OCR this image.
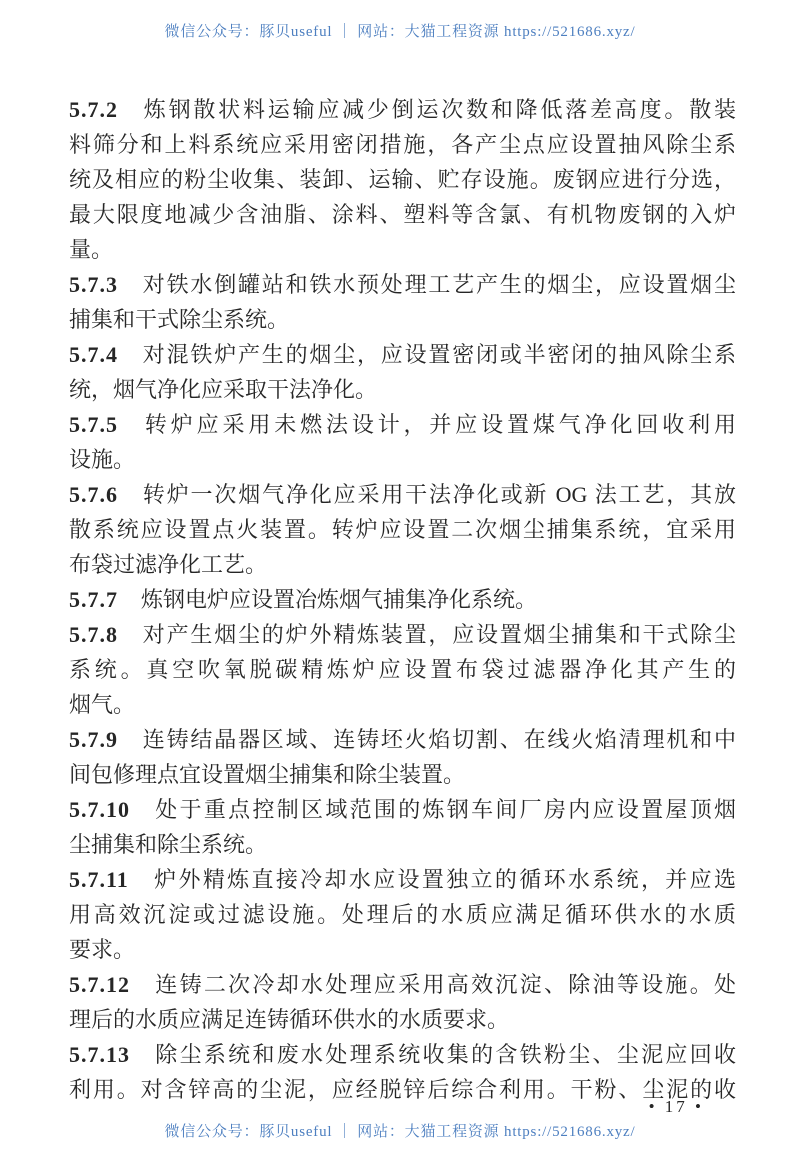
微信公众号：豚贝useful ｜ 网站：大猫工程资源 https://521686.xyz/
5.7.2 炼钢散状料运输应减少倒运次数和降低落差高度。散装
料筛分和上料系统应采用密闭措施，各产尘点应设置抽风除尘系
统及相应的粉尘收集、装卸、运输、贮存设施。废钢应进行分选，
最大限度地减少含油脂、涂料、塑料等含氯、有机物废钢的入炉
量。
5.7.3 对铁水倒罐站和铁水预处理工艺产生的烟尘，应设置烟尘
捕集和干式除尘系统。
5.7.4 对混铁炉产生的烟尘，应设置密闭或半密闭的抽风除尘系
统，烟气净化应采取干法净化。
5.7.5 转炉应采用未燃法设计，并应设置煤气净化回收利用
设施。
5.7.6 转炉一次烟气净化应采用干法净化或新 OG 法工艺，其放
散系统应设置点火装置。转炉应设置二次烟尘捕集系统，宜采用
布袋过滤净化工艺。
5.7.7 炼钢电炉应设置冶炼烟气捕集净化系统。
5.7.8 对产生烟尘的炉外精炼装置，应设置烟尘捕集和干式除尘
系统。真空吹氧脱碳精炼炉应设置布袋过滤器净化其产生的
烟气。
5.7.9 连铸结晶器区域、连铸坯火焰切割、在线火焰清理机和中
间包修理点宜设置烟尘捕集和除尘装置。
5.7.10 处于重点控制区域范围的炼钢车间厂房内应设置屋顶烟
尘捕集和除尘系统。
5.7.11 炉外精炼直接冷却水应设置独立的循环水系统，并应选
用高效沉淀或过滤设施。处理后的水质应满足循环供水的水质
要求。
5.7.12 连铸二次冷却水处理应采用高效沉淀、除油等设施。处
理后的水质应满足连铸循环供水的水质要求。
5.7.13 除尘系统和废水处理系统收集的含铁粉尘、尘泥应回收
利用。对含锌高的尘泥，应经脱锌后综合利用。干粉、尘泥的收
• 17 •
微信公众号：豚贝useful ｜ 网站：大猫工程资源 https://521686.xyz/
